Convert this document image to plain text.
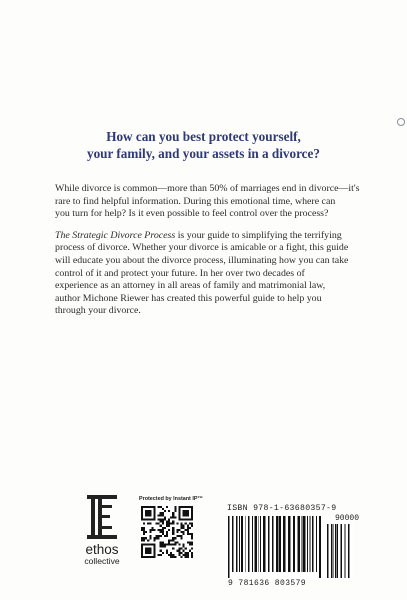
How can you best protect yourself,
your family, and your assets in a divorce?

While divorce is common—more than 50% of marriages end in divorce—it's
rare to find helpful information. During this emotional time, where can
you turn for help? Is it even possible to feel control over the process?

The Strategic Divorce Process is your guide to simplifying the terrifying
process of divorce. Whether your divorce is amicable or a fight, this guide
will educate you about the divorce process, illuminating how you can take
control of it and protect your future. In her over two decades of
experience as an attorney in all areas of family and matrimonial law,
author Michone Riewer has created this powerful guide to help you
through your divorce.

ethos
collective
Protected by Instant IP™
ISBN 978-1-63680357-9
90000
9 781636 803579
